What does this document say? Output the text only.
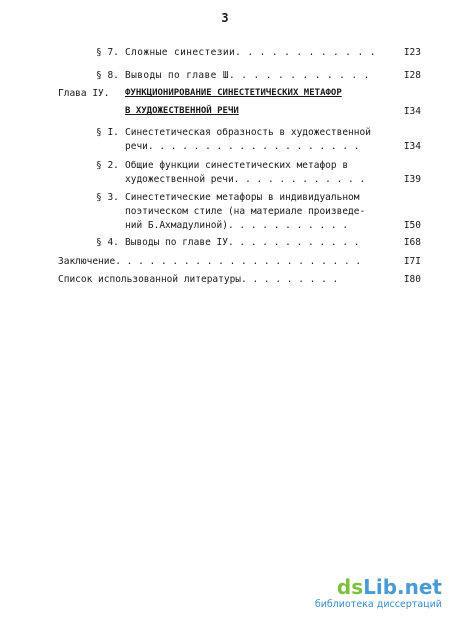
3
§ 7. Сложные синестезии. . . . . . . . . . . .	I23
§ 8. Выводы по главе Ш. . . . . . . . . . . .	I28
Глава IУ. ФУНКЦИОНИРОВАНИЕ СИНЕСТЕТИЧЕСКИХ МЕТАФОР
В ХУДОЖЕСТВЕННОЙ РЕЧИ	I34
§ I. Синестетическая образность в художественной
речи. . . . . . . . . . . . . . . . . . .	I34
§ 2. Общие функции синестетических метафор в
художественной речи. . . . . . . . . . . .	I39
§ 3. Синестетические метафоры в индивидуальном
поэтическом стиле (на материале произведе-
ний Б.Ахмадулиной). . . . . . . . . . .	I50
§ 4. Выводы по главе IУ. . . . . . . . . . . .	I68
Заключение. . . . . . . . . . . . . . . . . . . . . .	I7I
Список использованной литературы. . . . . . . . .	I80
dsLib.net
библиотека диссертаций
